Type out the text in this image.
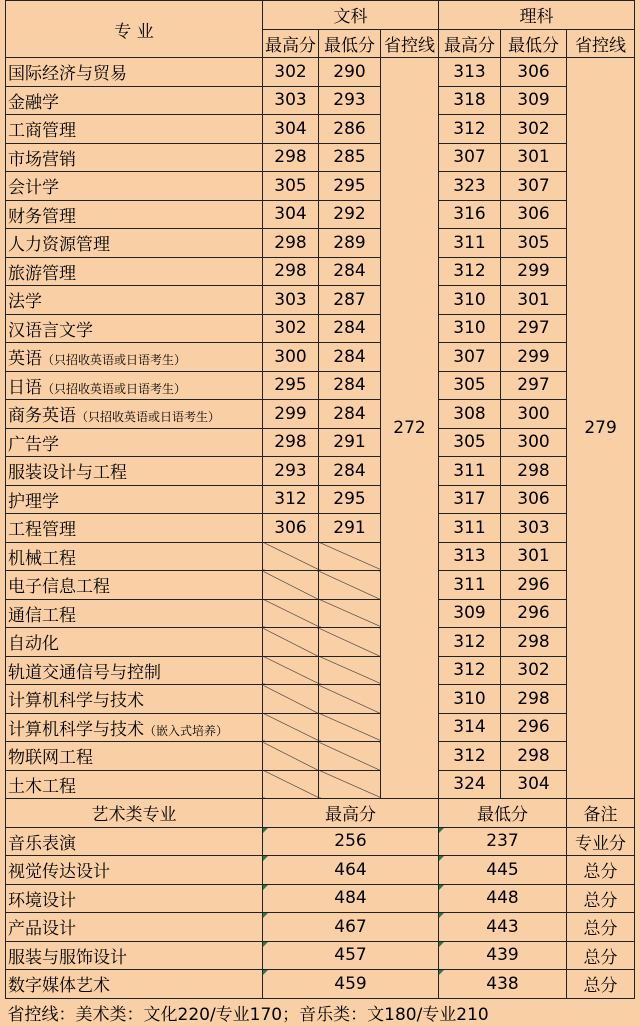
专 业	文科			理科		
	最高分	最低分	省控线	最高分	最低分	省控线
国际经济与贸易	302	290	272	313	306	279
金融学	303	293		318	309	
工商管理	304	286		312	302	
市场营销	298	285		307	301	
会计学	305	295		323	307	
财务管理	304	292		316	306	
人力资源管理	298	289		311	305	
旅游管理	298	284		312	299	
法学	303	287		310	301	
汉语言文学	302	284		310	297	
英语（只招收英语或日语考生）	300	284		307	299	
日语（只招收英语或日语考生）	295	284		305	297	
商务英语（只招收英语或日语考生）	299	284		308	300	
广告学	298	291		305	300	
服装设计与工程	293	284		311	298	
护理学	312	295		317	306	
工程管理	306	291		311	303	
机械工程				313	301	
电子信息工程				311	296	
通信工程				309	296	
自动化				312	298	
轨道交通信号与控制				312	302	
计算机科学与技术				310	298	
计算机科学与技术（嵌入式培养）				314	296	
物联网工程				312	298	
土木工程				324	304	
艺术类专业	最高分			最低分		备注
音乐表演	256			237		专业分
视觉传达设计	464			445		总分
环境设计	484			448		总分
产品设计	467			443		总分
服装与服饰设计	457			439		总分
数字媒体艺术	459			438		总分
省控线：美术类：文化220/专业170；音乐类：文180/专业210						
